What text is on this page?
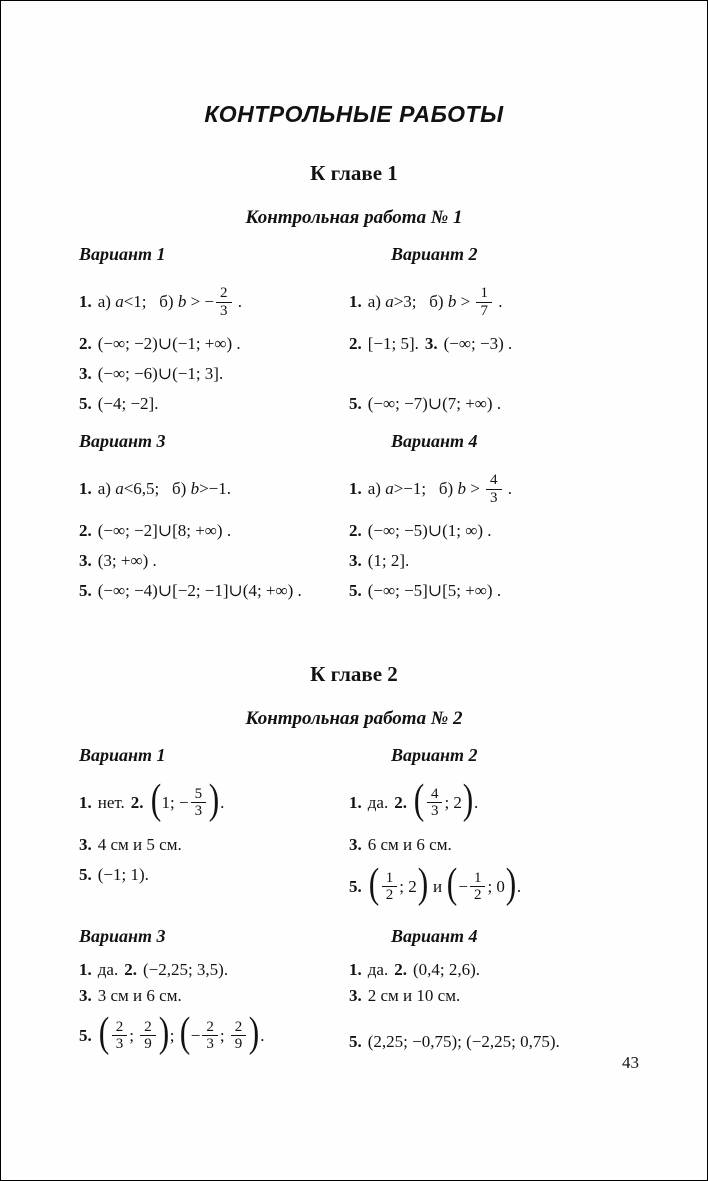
КОНТРОЛЬНЫЕ РАБОТЫ
К главе 1
Контрольная работа № 1
Вариант 1
1. а) a <1;   б) b > − $\frac{2}{3}$ .
2. (−∞; −2)∪(−1; +∞) .
3. (−∞; −6)∪(−1; 3].
5. (−4; −2].
Вариант 2
1. а) a >3;   б) $b > \frac{1}{7}$ .
2. [−1; 5]. 3. (−∞; −3) .
5. (−∞; −7)∪(7; +∞) .
Вариант 3
1. а) a <6,5;   б) b >−1.
2. (−∞; −2]∪[8; +∞) .
3. (3; +∞) .
5. (−∞; −4)∪[−2; −1]∪(4; +∞) .
Вариант 4
1. а) a >−1;   б) $b > \frac{4}{3}$ .
2. (−∞; −5)∪(1; ∞) .
3. (1; 2].
5. (−∞; −5]∪[5; +∞) .
К главе 2
Контрольная работа № 2
Вариант 1
1. нет. 2. ( 1; − $\frac{5}{3}$ ) .
3. 4 см и 5 см.
5. (−1; 1).
Вариант 2
1. да. 2. ( $\frac{4}{3}$ ; 2 ) .
3. 6 см и 6 см.
5. ( $\frac{1}{2}$ ; 2 ) и ( − $\frac{1}{2}$ ; 0 ) .
Вариант 3
1. да. 2. (−2,25; 3,5).
3. 3 см и 6 см.
5. ( $\frac{2}{3}$ ; $\frac{2}{9}$ ) ; ( − $\frac{2}{3}$ ; $\frac{2}{9}$ ) .
Вариант 4
1. да. 2. (0,4; 2,6).
3. 2 см и 10 см.
5. (2,25; −0,75); (−2,25; 0,75).
43
